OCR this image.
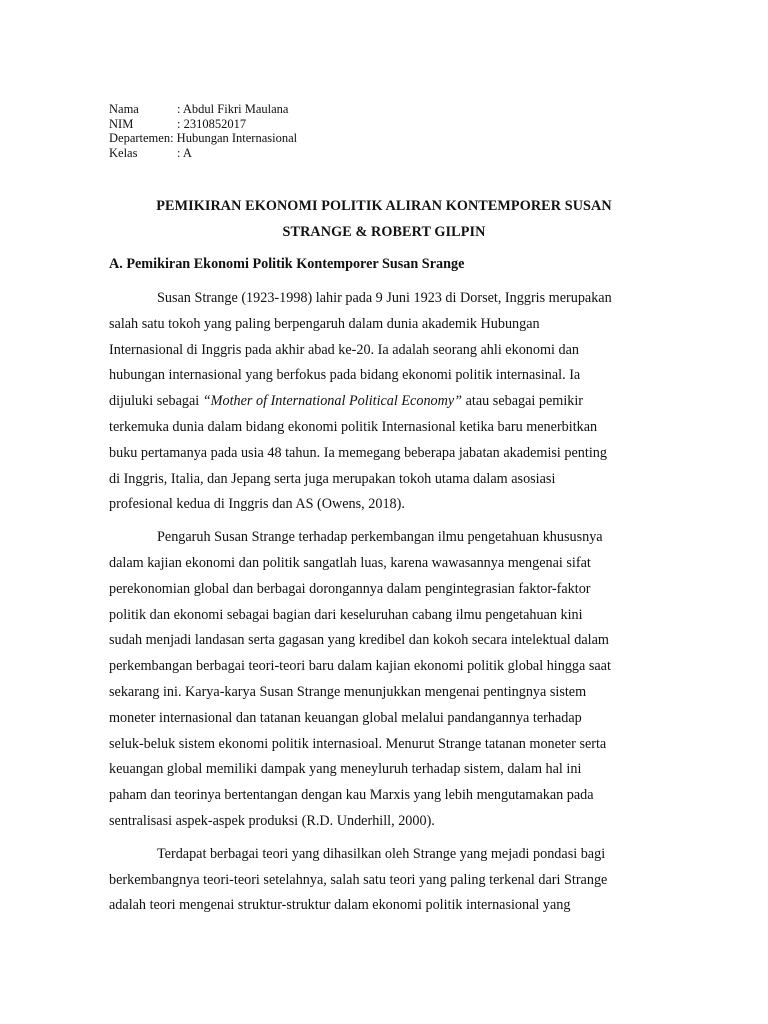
Nama	: Abdul Fikri Maulana
NIM	: 2310852017
Departemen: Hubungan Internasional
Kelas	: A
PEMIKIRAN EKONOMI POLITIK ALIRAN KONTEMPORER SUSAN
STRANGE & ROBERT GILPIN
A. Pemikiran Ekonomi Politik Kontemporer Susan Srange
Susan Strange (1923-1998) lahir pada 9 Juni 1923 di Dorset, Inggris merupakan
salah satu tokoh yang paling berpengaruh dalam dunia akademik Hubungan
Internasional di Inggris pada akhir abad ke-20. Ia adalah seorang ahli ekonomi dan
hubungan internasional yang berfokus pada bidang ekonomi politik internasinal. Ia
dijuluki sebagai “Mother of International Political Economy” atau sebagai pemikir
terkemuka dunia dalam bidang ekonomi politik Internasional ketika baru menerbitkan
buku pertamanya pada usia 48 tahun. Ia memegang beberapa jabatan akademisi penting
di Inggris, Italia, dan Jepang serta juga merupakan tokoh utama dalam asosiasi
profesional kedua di Inggris dan AS (Owens, 2018).
Pengaruh Susan Strange terhadap perkembangan ilmu pengetahuan khususnya
dalam kajian ekonomi dan politik sangatlah luas, karena wawasannya mengenai sifat
perekonomian global dan berbagai dorongannya dalam pengintegrasian faktor-faktor
politik dan ekonomi sebagai bagian dari keseluruhan cabang ilmu pengetahuan kini
sudah menjadi landasan serta gagasan yang kredibel dan kokoh secara intelektual dalam
perkembangan berbagai teori-teori baru dalam kajian ekonomi politik global hingga saat
sekarang ini. Karya-karya Susan Strange menunjukkan mengenai pentingnya sistem
moneter internasional dan tatanan keuangan global melalui pandangannya terhadap
seluk-beluk sistem ekonomi politik internasioal. Menurut Strange tatanan moneter serta
keuangan global memiliki dampak yang meneyluruh terhadap sistem, dalam hal ini
paham dan teorinya bertentangan dengan kau Marxis yang lebih mengutamakan pada
sentralisasi aspek-aspek produksi (R.D. Underhill, 2000).
Terdapat berbagai teori yang dihasilkan oleh Strange yang mejadi pondasi bagi
berkembangnya teori-teori setelahnya, salah satu teori yang paling terkenal dari Strange
adalah teori mengenai struktur-struktur dalam ekonomi politik internasional yang
